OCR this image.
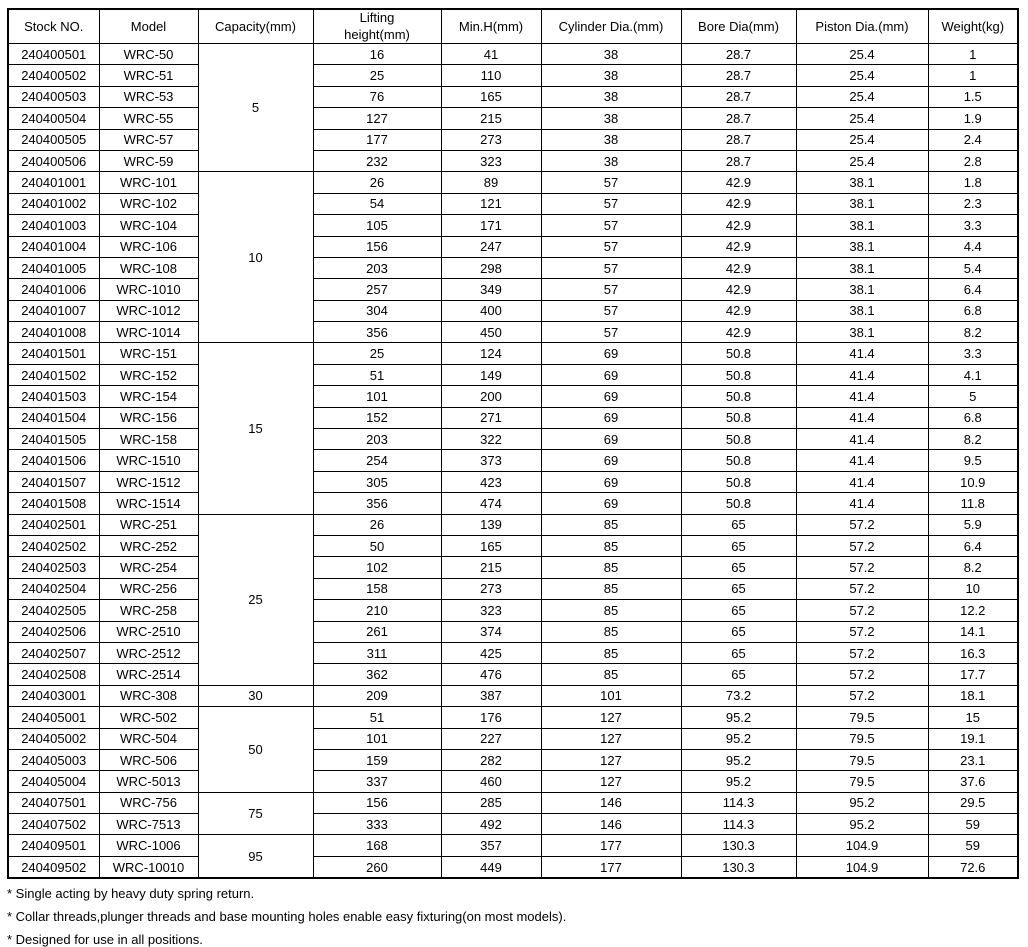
Stock NO.	Model	Capacity(mm)	Lifting height(mm)	Min.H(mm)	Cylinder Dia.(mm)	Bore Dia(mm)	Piston Dia.(mm)	Weight(kg)
240400501	WRC-50	5	16	41	38	28.7	25.4	1
240400502	WRC-51		25	110	38	28.7	25.4	1
240400503	WRC-53		76	165	38	28.7	25.4	1.5
240400504	WRC-55		127	215	38	28.7	25.4	1.9
240400505	WRC-57		177	273	38	28.7	25.4	2.4
240400506	WRC-59		232	323	38	28.7	25.4	2.8
240401001	WRC-101	10	26	89	57	42.9	38.1	1.8
240401002	WRC-102		54	121	57	42.9	38.1	2.3
240401003	WRC-104		105	171	57	42.9	38.1	3.3
240401004	WRC-106		156	247	57	42.9	38.1	4.4
240401005	WRC-108		203	298	57	42.9	38.1	5.4
240401006	WRC-1010		257	349	57	42.9	38.1	6.4
240401007	WRC-1012		304	400	57	42.9	38.1	6.8
240401008	WRC-1014		356	450	57	42.9	38.1	8.2
240401501	WRC-151	15	25	124	69	50.8	41.4	3.3
240401502	WRC-152		51	149	69	50.8	41.4	4.1
240401503	WRC-154		101	200	69	50.8	41.4	5
240401504	WRC-156		152	271	69	50.8	41.4	6.8
240401505	WRC-158		203	322	69	50.8	41.4	8.2
240401506	WRC-1510		254	373	69	50.8	41.4	9.5
240401507	WRC-1512		305	423	69	50.8	41.4	10.9
240401508	WRC-1514		356	474	69	50.8	41.4	11.8
240402501	WRC-251	25	26	139	85	65	57.2	5.9
240402502	WRC-252		50	165	85	65	57.2	6.4
240402503	WRC-254		102	215	85	65	57.2	8.2
240402504	WRC-256		158	273	85	65	57.2	10
240402505	WRC-258		210	323	85	65	57.2	12.2
240402506	WRC-2510		261	374	85	65	57.2	14.1
240402507	WRC-2512		311	425	85	65	57.2	16.3
240402508	WRC-2514		362	476	85	65	57.2	17.7
240403001	WRC-308	30	209	387	101	73.2	57.2	18.1
240405001	WRC-502	50	51	176	127	95.2	79.5	15
240405002	WRC-504		101	227	127	95.2	79.5	19.1
240405003	WRC-506		159	282	127	95.2	79.5	23.1
240405004	WRC-5013		337	460	127	95.2	79.5	37.6
240407501	WRC-756	75	156	285	146	114.3	95.2	29.5
240407502	WRC-7513		333	492	146	114.3	95.2	59
240409501	WRC-1006	95	168	357	177	130.3	104.9	59
240409502	WRC-10010		260	449	177	130.3	104.9	72.6

* Single acting by heavy duty spring return.

* Collar threads,plunger threads and base mounting holes enable easy fixturing(on most models).

* Designed for use in all positions.
